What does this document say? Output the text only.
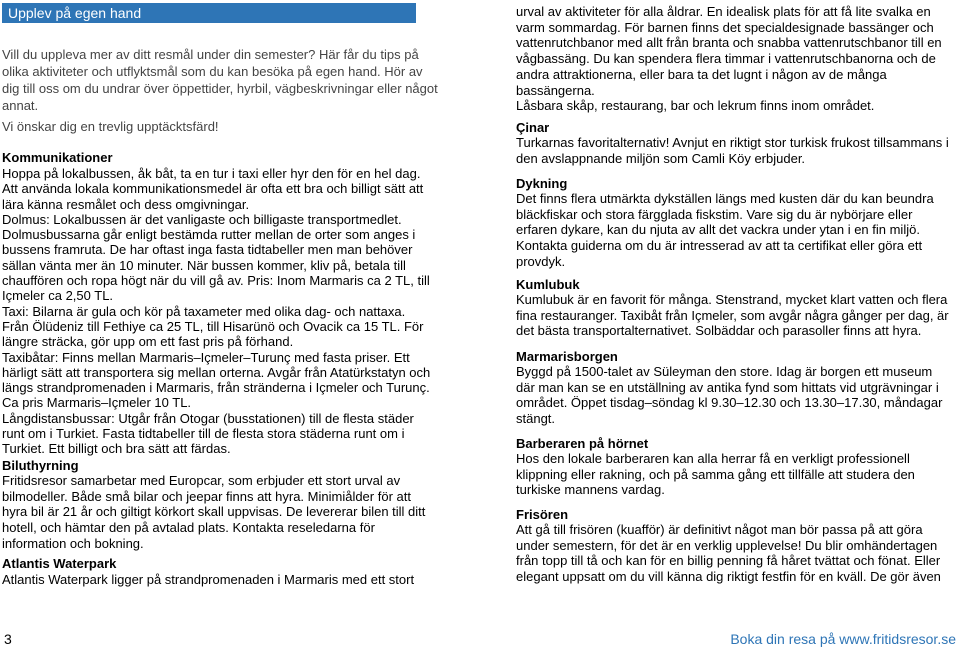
Upplev på egen hand

Vill du uppleva mer av ditt resmål under din semester? Här får du tips på
olika aktiviteter och utflyktsmål som du kan besöka på egen hand. Hör av
dig till oss om du undrar över öppettider, hyrbil, vägbeskrivningar eller något
annat.

Vi önskar dig en trevlig upptäcktsfärd!

Kommunikationer

Hoppa på lokalbussen, åk båt, ta en tur i taxi eller hyr den för en hel dag.
Att använda lokala kommunikationsmedel är ofta ett bra och billigt sätt att
lära känna resmålet och dess omgivningar.
Dolmus: Lokalbussen är det vanligaste och billigaste transportmedlet.
Dolmusbussarna går enligt bestämda rutter mellan de orter som anges i
bussens framruta. De har oftast inga fasta tidtabeller men man behöver
sällan vänta mer än 10 minuter. När bussen kommer, kliv på, betala till
chauffören och ropa högt när du vill gå av. Pris: Inom Marmaris ca 2 TL, till
Içmeler ca 2,50 TL.
Taxi: Bilarna är gula och kör på taxameter med olika dag- och nattaxa.
Från Ölüdeniz till Fethiye ca 25 TL, till Hisarünö och Ovacik ca 15 TL. För
längre sträcka, gör upp om ett fast pris på förhand.
Taxibåtar: Finns mellan Marmaris–Içmeler–Turunç med fasta priser. Ett
härligt sätt att transportera sig mellan orterna. Avgår från Atatürkstatyn och
längs strandpromenaden i Marmaris, från stränderna i Içmeler och Turunç.
Ca pris Marmaris–Içmeler 10 TL.
Långdistansbussar: Utgår från Otogar (busstationen) till de flesta städer
runt om i Turkiet. Fasta tidtabeller till de flesta stora städerna runt om i
Turkiet. Ett billigt och bra sätt att färdas.

Biluthyrning

Fritidsresor samarbetar med Europcar, som erbjuder ett stort urval av
bilmodeller. Både små bilar och jeepar finns att hyra. Minimiålder för att
hyra bil är 21 år och giltigt körkort skall uppvisas. De levererar bilen till ditt
hotell, och hämtar den på avtalad plats. Kontakta reseledarna för
information och bokning.

Atlantis Waterpark

Atlantis Waterpark ligger på strandpromenaden i Marmaris med ett stort

urval av aktiviteter för alla åldrar. En idealisk plats för att få lite svalka en
varm sommardag. För barnen finns det specialdesignade bassänger och
vattenrutchbanor med allt från branta och snabba vattenrutschbanor till en
vågbassäng. Du kan spendera flera timmar i vattenrutschbanorna och de
andra attraktionerna, eller bara ta det lugnt i någon av de många
bassängerna.
Låsbara skåp, restaurang, bar och lekrum finns inom området.

Çinar

Turkarnas favoritalternativ! Avnjut en riktigt stor turkisk frukost tillsammans i
den avslappnande miljön som Camli Köy erbjuder.

Dykning

Det finns flera utmärkta dykställen längs med kusten där du kan beundra
bläckfiskar och stora färgglada fiskstim. Vare sig du är nybörjare eller
erfaren dykare, kan du njuta av allt det vackra under ytan i en fin miljö.
Kontakta guiderna om du är intresserad av att ta certifikat eller göra ett
provdyk.

Kumlubuk

Kumlubuk är en favorit för många. Stenstrand, mycket klart vatten och flera
fina restauranger. Taxibåt från Içmeler, som avgår några gånger per dag, är
det bästa transportalternativet. Solbäddar och parasoller finns att hyra.

Marmarisborgen

Byggd på 1500-talet av Süleyman den store. Idag är borgen ett museum
där man kan se en utställning av antika fynd som hittats vid utgrävningar i
området. Öppet tisdag–söndag kl 9.30–12.30 och 13.30–17.30, måndagar
stängt.

Barberaren på hörnet

Hos den lokale barberaren kan alla herrar få en verkligt professionell
klippning eller rakning, och på samma gång ett tillfälle att studera den
turkiske mannens vardag.

Frisören

Att gå till frisören (kuafför) är definitivt något man bör passa på att göra
under semestern, för det är en verklig upplevelse! Du blir omhändertagen
från topp till tå och kan för en billig penning få håret tvättat och fönat. Eller
elegant uppsatt om du vill känna dig riktigt festfin för en kväll. De gör även

3	Boka din resa på www.fritidsresor.se
